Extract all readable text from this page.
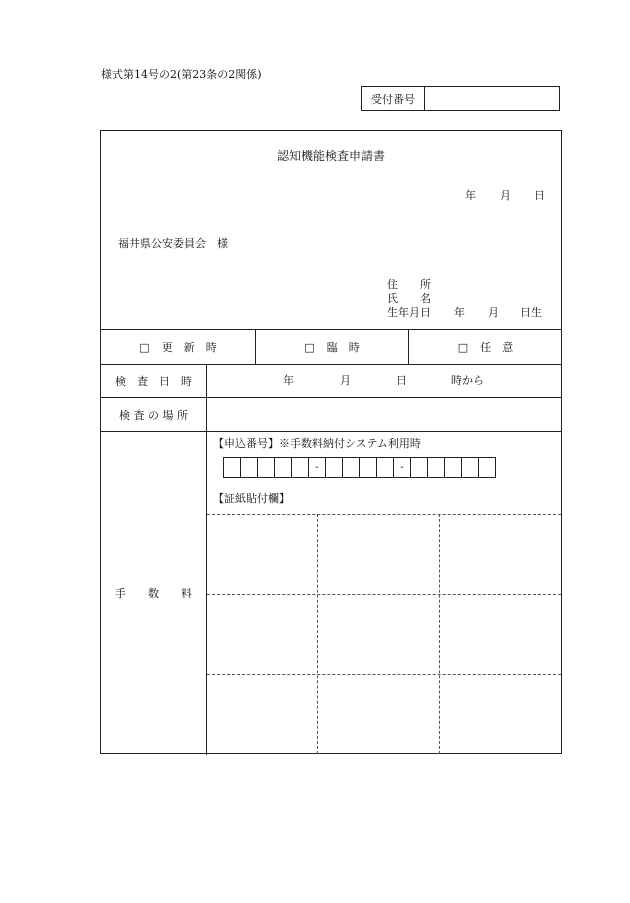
様式第14号の2(第23条の2関係)
受付番号
認知機能検査申請書
年 月 日
福井県公安委員会　様
住　　所
氏　　名
生年月日 年 月 日生
□ 更　新　時	□ 臨　時	□ 任　意
検　査　日　時	年	月	日	時から
検 査 の 場 所
手　　数　　料
【申込番号】※手数料納付システム利用時
【証紙貼付欄】
-	-
